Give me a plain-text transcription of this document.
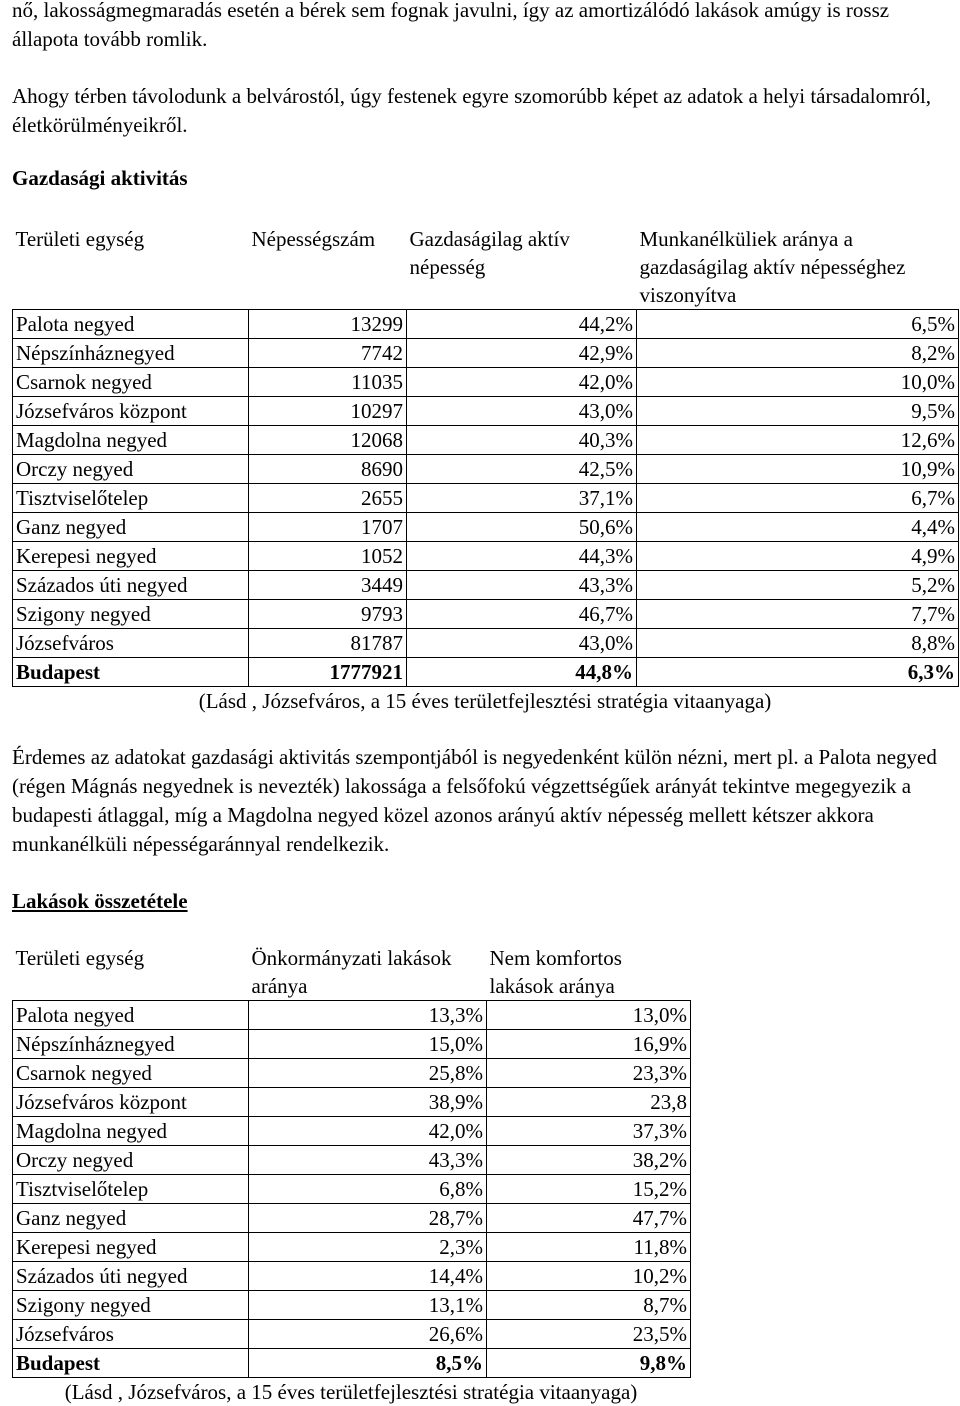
nő, lakosságmegmaradás esetén a bérek sem fognak javulni, így az amortizálódó lakások amúgy is rossz állapota tovább romlik.

Ahogy térben távolodunk a belvárostól, úgy festenek egyre szomorúbb képet az adatok a helyi társadalomról, életkörülményeikről.

Gazdasági aktivitás
Területi egység	Népességszám	Gazdaságilag aktív népesség	Munkanélküliek aránya a gazdaságilag aktív népességhez viszonyítva
Palota negyed	13299	44,2%	6,5%
Népszínháznegyed	7742	42,9%	8,2%
Csarnok negyed	11035	42,0%	10,0%
Józsefváros központ	10297	43,0%	9,5%
Magdolna negyed	12068	40,3%	12,6%
Orczy negyed	8690	42,5%	10,9%
Tisztviselőtelep	2655	37,1%	6,7%
Ganz negyed	1707	50,6%	4,4%
Kerepesi negyed	1052	44,3%	4,9%
Százados úti negyed	3449	43,3%	5,2%
Szigony negyed	9793	46,7%	7,7%
Józsefváros	81787	43,0%	8,8%
Budapest	1777921	44,8%	6,3%
(Lásd , Józsefváros, a 15 éves területfejlesztési stratégia vitaanyaga)

Érdemes az adatokat gazdasági aktivitás szempontjából is negyedenként külön nézni, mert pl. a Palota negyed (régen Mágnás negyednek is nevezték) lakossága a felsőfokú végzettségűek arányát tekintve megegyezik a budapesti átlaggal, míg a Magdolna negyed közel azonos arányú aktív népesség mellett kétszer akkora munkanélküli népességaránnyal rendelkezik.

Lakások összetétele
Területi egység	Önkormányzati lakások aránya	Nem komfortos lakások aránya
Palota negyed	13,3%	13,0%
Népszínháznegyed	15,0%	16,9%
Csarnok negyed	25,8%	23,3%
Józsefváros központ	38,9%	23,8
Magdolna negyed	42,0%	37,3%
Orczy negyed	43,3%	38,2%
Tisztviselőtelep	6,8%	15,2%
Ganz negyed	28,7%	47,7%
Kerepesi negyed	2,3%	11,8%
Százados úti negyed	14,4%	10,2%
Szigony negyed	13,1%	8,7%
Józsefváros	26,6%	23,5%
Budapest	8,5%	9,8%
(Lásd , Józsefváros, a 15 éves területfejlesztési stratégia vitaanyaga)
